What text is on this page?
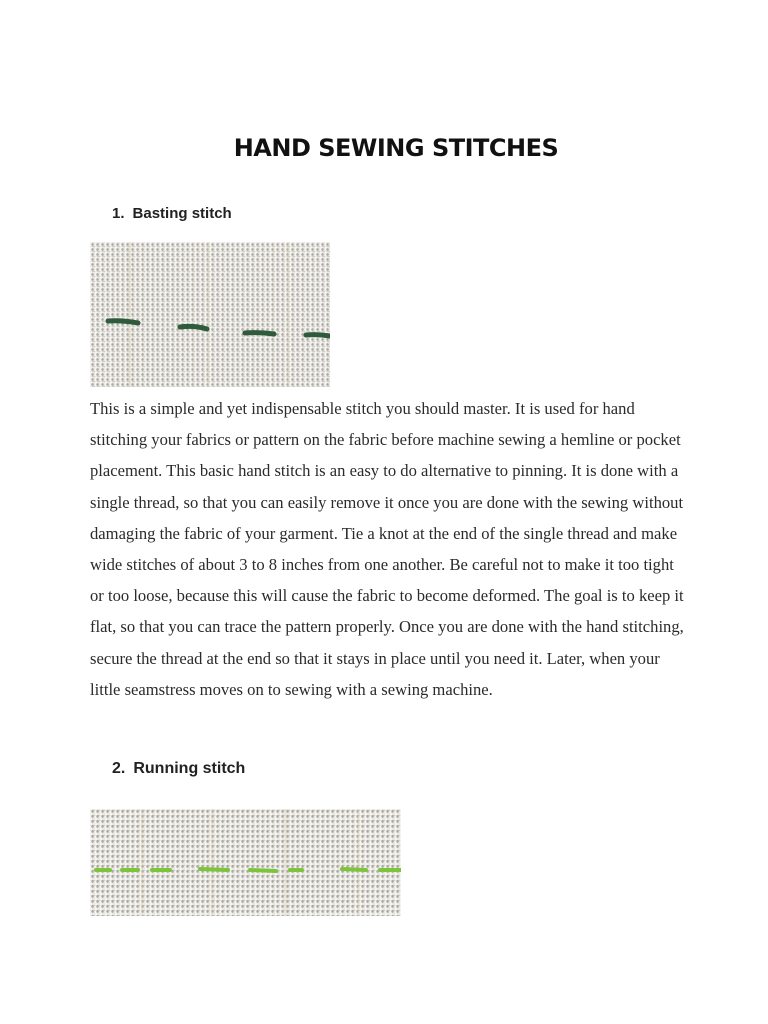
HAND SEWING STITCHES
1. Basting stitch

This is a simple and yet indispensable stitch you should master. It is used for hand stitching your fabrics or pattern on the fabric before machine sewing a hemline or pocket placement. This basic hand stitch is an easy to do alternative to pinning. It is done with a single thread, so that you can easily remove it once you are done with the sewing without damaging the fabric of your garment. Tie a knot at the end of the single thread and make wide stitches of about 3 to 8 inches from one another. Be careful not to make it too tight or too loose, because this will cause the fabric to become deformed. The goal is to keep it flat, so that you can trace the pattern properly. Once you are done with the hand stitching, secure the thread at the end so that it stays in place until you need it. Later, when your little seamstress moves on to sewing with a sewing machine.

2. Running stitch
